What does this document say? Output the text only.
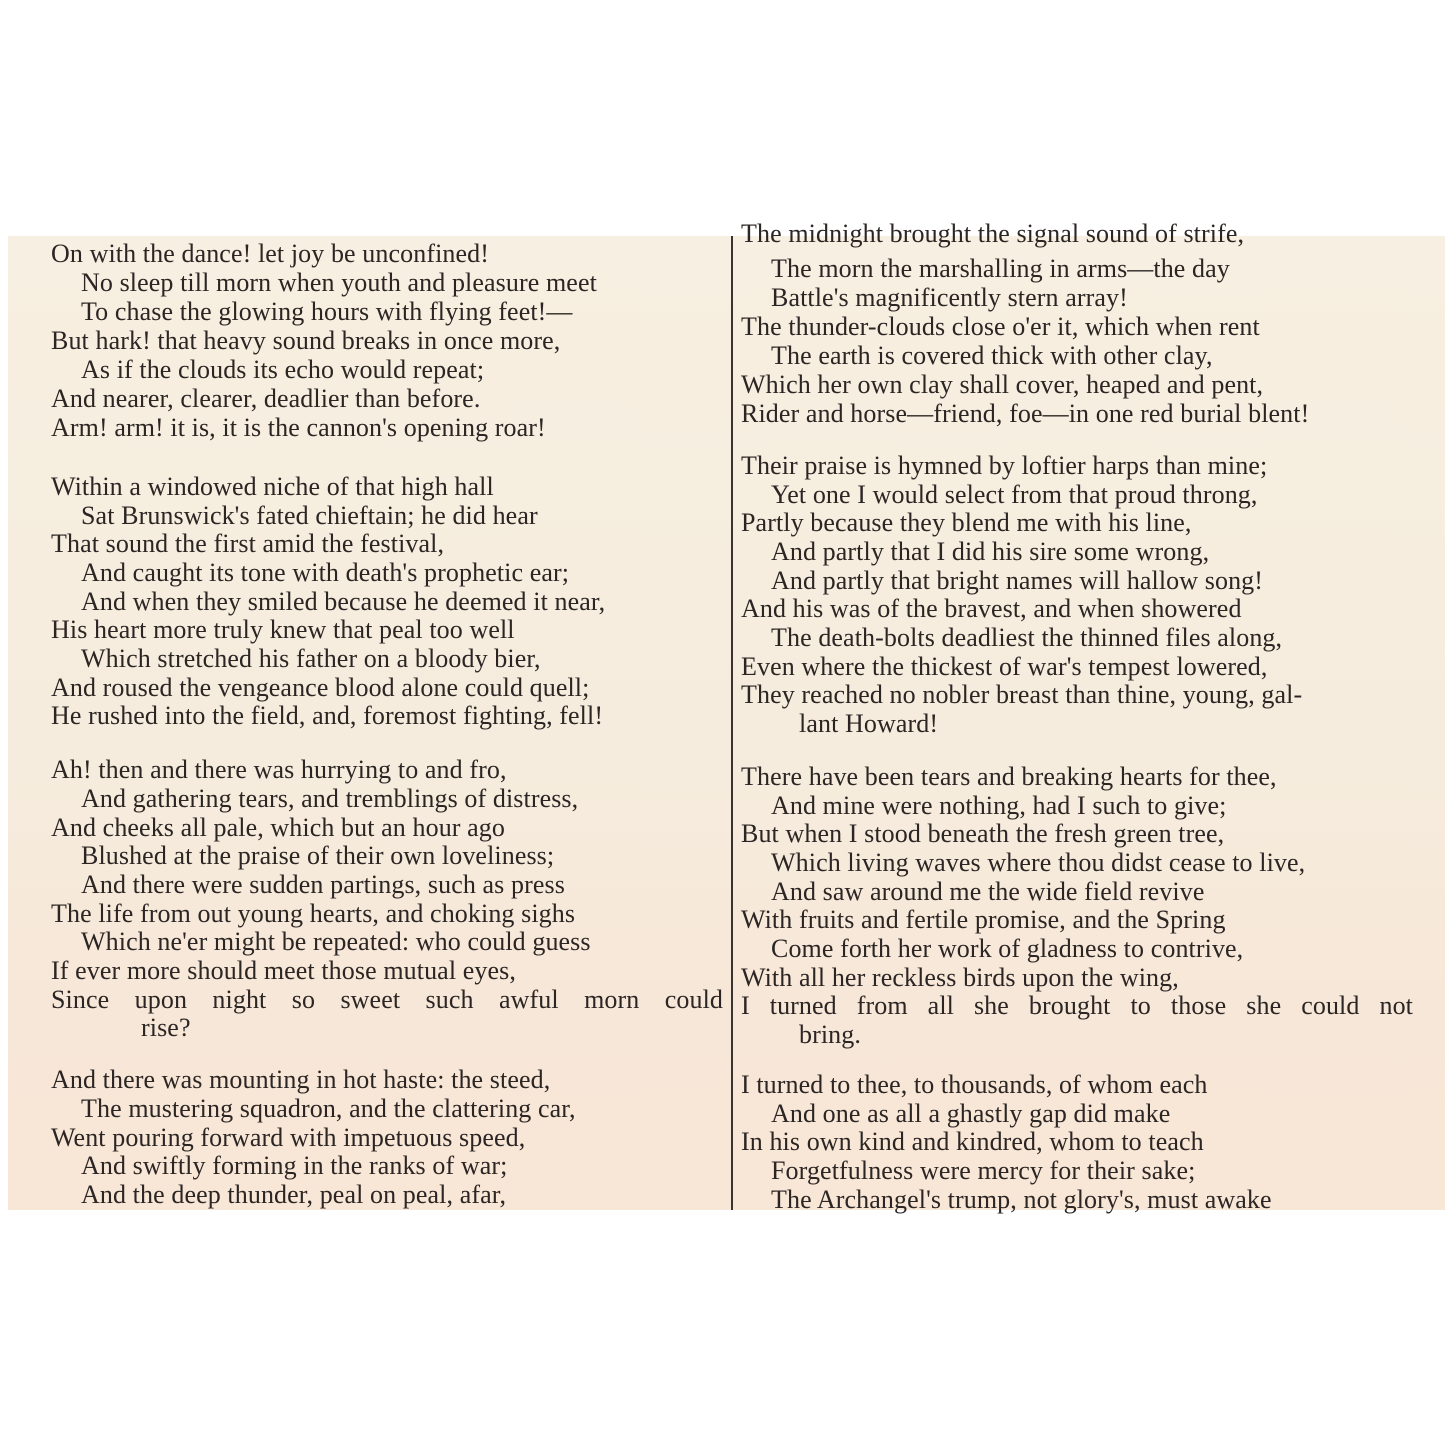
On with the dance! let joy be unconfined!
No sleep till morn when youth and pleasure meet
To chase the glowing hours with flying feet!—
But hark! that heavy sound breaks in once more,
As if the clouds its echo would repeat;
And nearer, clearer, deadlier than before.
Arm! arm! it is, it is the cannon's opening roar!
Within a windowed niche of that high hall
Sat Brunswick's fated chieftain; he did hear
That sound the first amid the festival,
And caught its tone with death's prophetic ear;
And when they smiled because he deemed it near,
His heart more truly knew that peal too well
Which stretched his father on a bloody bier,
And roused the vengeance blood alone could quell;
He rushed into the field, and, foremost fighting, fell!
Ah! then and there was hurrying to and fro,
And gathering tears, and tremblings of distress,
And cheeks all pale, which but an hour ago
Blushed at the praise of their own loveliness;
And there were sudden partings, such as press
The life from out young hearts, and choking sighs
Which ne'er might be repeated: who could guess
If ever more should meet those mutual eyes,
Since upon night so sweet such awful morn could
rise?
And there was mounting in hot haste: the steed,
The mustering squadron, and the clattering car,
Went pouring forward with impetuous speed,
And swiftly forming in the ranks of war;
And the deep thunder, peal on peal, afar,
The midnight brought the signal sound of strife,
The morn the marshalling in arms—the day
Battle's magnificently stern array!
The thunder-clouds close o'er it, which when rent
The earth is covered thick with other clay,
Which her own clay shall cover, heaped and pent,
Rider and horse—friend, foe—in one red burial blent!
Their praise is hymned by loftier harps than mine;
Yet one I would select from that proud throng,
Partly because they blend me with his line,
And partly that I did his sire some wrong,
And partly that bright names will hallow song!
And his was of the bravest, and when showered
The death-bolts deadliest the thinned files along,
Even where the thickest of war's tempest lowered,
They reached no nobler breast than thine, young, gal-
lant Howard!
There have been tears and breaking hearts for thee,
And mine were nothing, had I such to give;
But when I stood beneath the fresh green tree,
Which living waves where thou didst cease to live,
And saw around me the wide field revive
With fruits and fertile promise, and the Spring
Come forth her work of gladness to contrive,
With all her reckless birds upon the wing,
I turned from all she brought to those she could not
bring.
I turned to thee, to thousands, of whom each
And one as all a ghastly gap did make
In his own kind and kindred, whom to teach
Forgetfulness were mercy for their sake;
The Archangel's trump, not glory's, must awake
